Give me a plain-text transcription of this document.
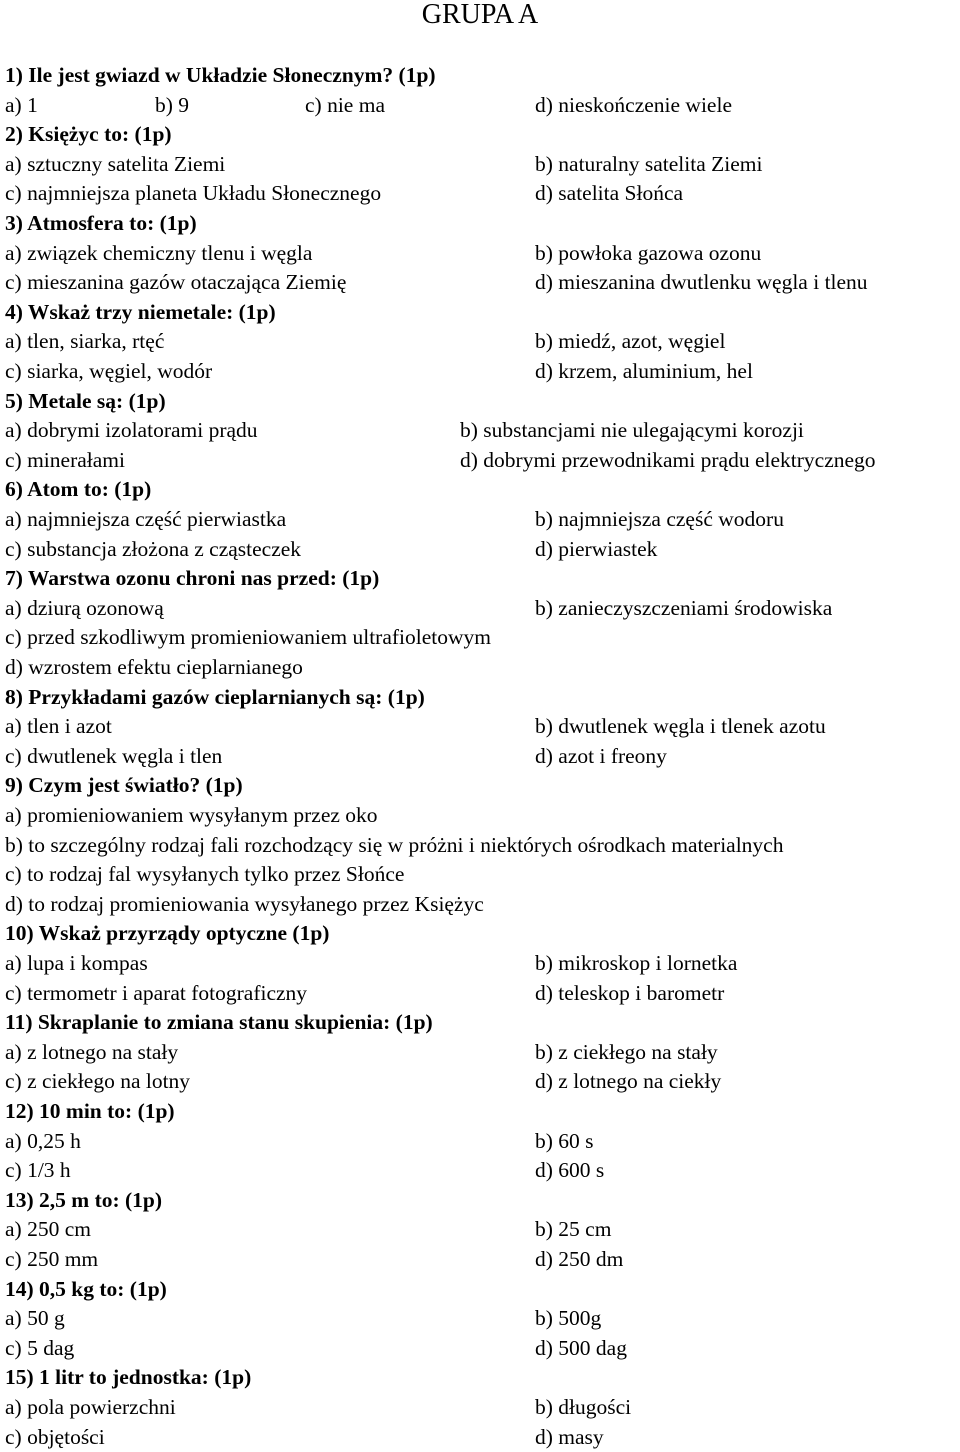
GRUPA A
1) Ile jest gwiazd w Układzie Słonecznym? (1p)
a) 1	b) 9	c) nie ma	d) nieskończenie wiele
2) Księżyc to: (1p)
a) sztuczny satelita Ziemi	b) naturalny satelita Ziemi
c) najmniejsza planeta Układu Słonecznego	d) satelita Słońca
3) Atmosfera to: (1p)
a) związek chemiczny tlenu i węgla	b) powłoka gazowa ozonu
c) mieszanina gazów otaczająca Ziemię	d) mieszanina dwutlenku węgla i tlenu
4) Wskaż trzy niemetale: (1p)
a) tlen, siarka, rtęć	b) miedź, azot, węgiel
c) siarka, węgiel, wodór	d) krzem, aluminium, hel
5) Metale są: (1p)
a) dobrymi izolatorami prądu	b) substancjami nie ulegającymi korozji
c) minerałami	d) dobrymi przewodnikami prądu elektrycznego
6) Atom to: (1p)
a) najmniejsza część pierwiastka	b) najmniejsza część wodoru
c) substancja złożona z cząsteczek	d) pierwiastek
7) Warstwa ozonu chroni nas przed: (1p)
a) dziurą ozonową	b) zanieczyszczeniami środowiska
c) przed szkodliwym promieniowaniem ultrafioletowym
d) wzrostem efektu cieplarnianego
8) Przykładami gazów cieplarnianych są: (1p)
a) tlen i azot	b) dwutlenek węgla i tlenek azotu
c) dwutlenek węgla i tlen	d) azot i freony
9) Czym jest światło? (1p)
a) promieniowaniem wysyłanym przez oko
b) to szczególny rodzaj fali rozchodzący się w próżni i niektórych ośrodkach materialnych
c) to rodzaj fal wysyłanych tylko przez Słońce
d) to rodzaj promieniowania wysyłanego przez Księżyc
10) Wskaż przyrządy optyczne (1p)
a) lupa i kompas	b) mikroskop i lornetka
c) termometr i aparat fotograficzny	d) teleskop i barometr
11) Skraplanie to zmiana stanu skupienia: (1p)
a) z lotnego na stały	b) z ciekłego na stały
c) z ciekłego na lotny	d) z lotnego na ciekły
12) 10 min to: (1p)
a) 0,25 h	b) 60 s
c) 1/3 h	d) 600 s
13) 2,5 m to: (1p)
a) 250 cm	b) 25 cm
c) 250 mm	d) 250 dm
14) 0,5 kg to: (1p)
a) 50 g	b) 500g
c) 5 dag	d) 500 dag
15) 1 litr to jednostka: (1p)
a) pola powierzchni	b) długości
c) objętości	d) masy
